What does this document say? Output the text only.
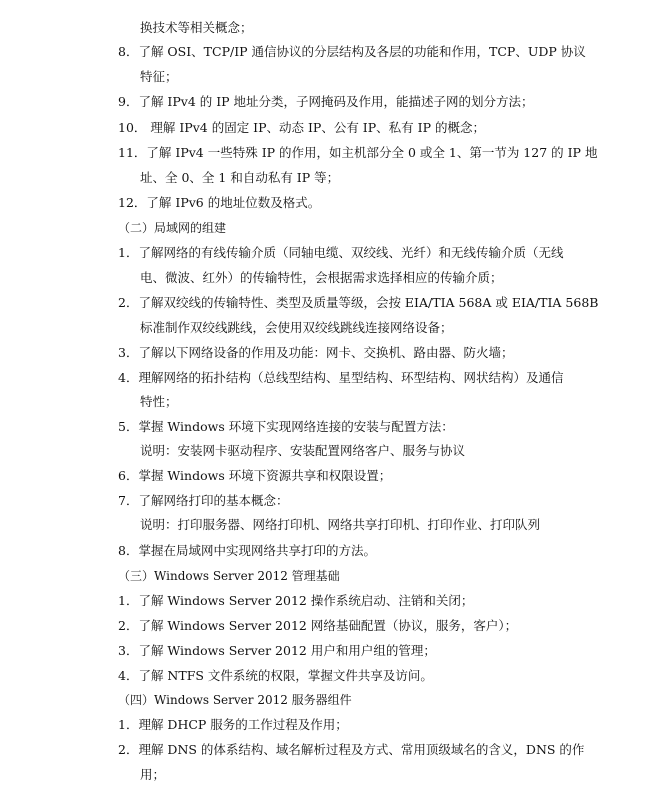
换技术等相关概念；
8．了解 OSI、TCP/IP 通信协议的分层结构及各层的功能和作用，TCP、UDP 协议
特征；
9．了解 IPv4 的 IP 地址分类，子网掩码及作用，能描述子网的划分方法；
10． 理解 IPv4 的固定 IP、动态 IP、公有 IP、私有 IP 的概念；
11．了解 IPv4 一些特殊 IP 的作用，如主机部分全 0 或全 1、第一节为 127 的 IP 地
址、全 0、全 1 和自动私有 IP 等；
12．了解 IPv6 的地址位数及格式。
（二）局域网的组建
1．了解网络的有线传输介质（同轴电缆、双绞线、光纤）和无线传输介质（无线
电、微波、红外）的传输特性，会根据需求选择相应的传输介质；
2．了解双绞线的传输特性、类型及质量等级，会按 EIA/TIA 568A 或 EIA/TIA 568B
标准制作双绞线跳线，会使用双绞线跳线连接网络设备；
3．了解以下网络设备的作用及功能：网卡、交换机、路由器、防火墙；
4．理解网络的拓扑结构（总线型结构、星型结构、环型结构、网状结构）及通信
特性；
5．掌握 Windows 环境下实现网络连接的安装与配置方法：
说明：安装网卡驱动程序、安装配置网络客户、服务与协议
6．掌握 Windows 环境下资源共享和权限设置；
7．了解网络打印的基本概念：
说明：打印服务器、网络打印机、网络共享打印机、打印作业、打印队列
8．掌握在局域网中实现网络共享打印的方法。
（三）Windows Server 2012 管理基础
1．了解 Windows Server 2012 操作系统启动、注销和关闭；
2．了解 Windows Server 2012 网络基础配置（协议，服务，客户）；
3．了解 Windows Server 2012 用户和用户组的管理；
4．了解 NTFS 文件系统的权限，掌握文件共享及访问。
（四）Windows Server 2012 服务器组件
1．理解 DHCP 服务的工作过程及作用；
2．理解 DNS 的体系结构、域名解析过程及方式、常用顶级域名的含义，DNS 的作
用；
